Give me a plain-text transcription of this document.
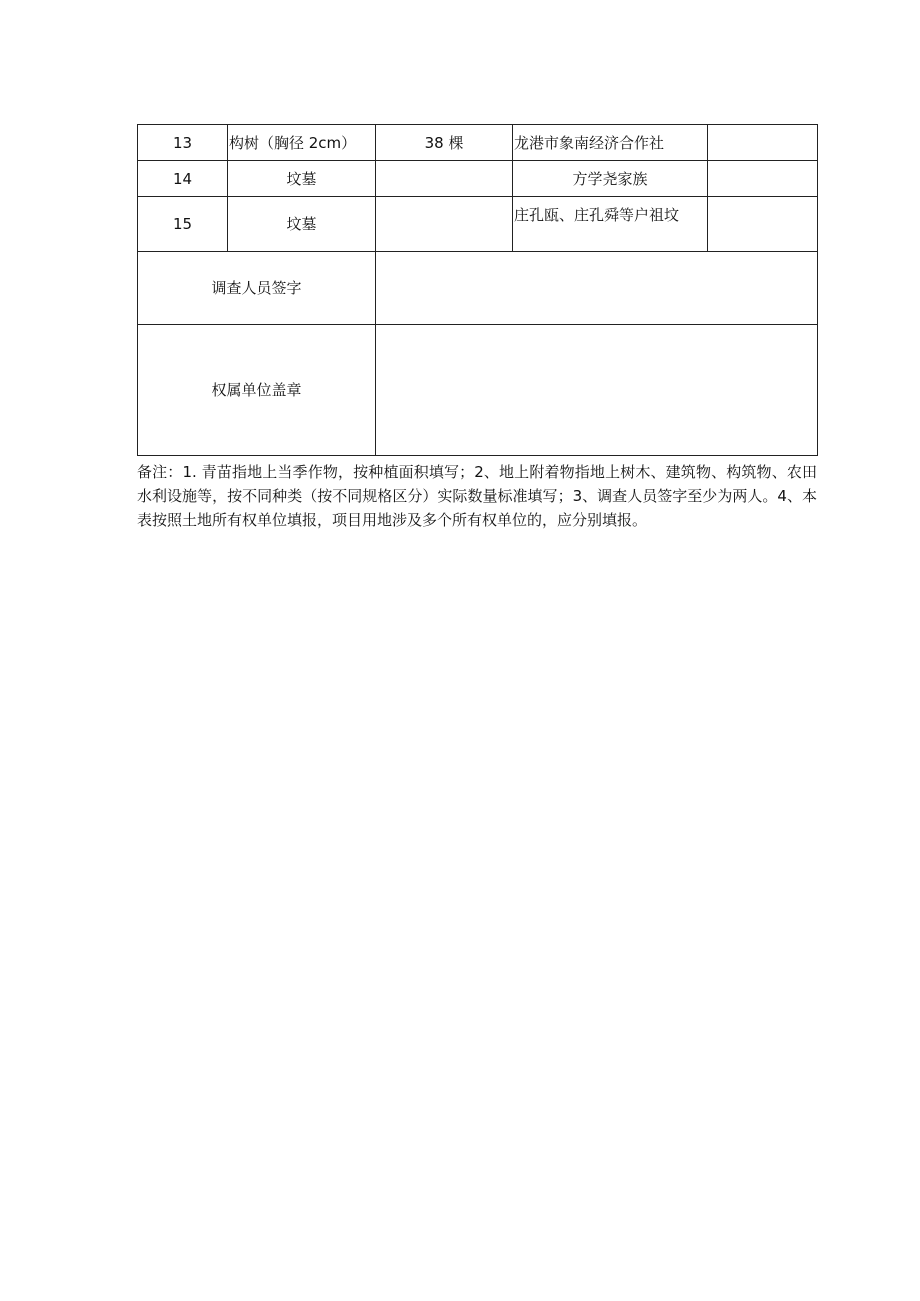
13	构树（胸径 2cm）	38 棵	龙港市象南经济合作社	
14	坟墓		方学尧家族	
15	坟墓		庄孔瓯、庄孔舜等户祖坟	
调查人员签字				
权属单位盖章				
备注：1. 青苗指地上当季作物，按种植面积填写；2、地上附着物指地上树木、建筑物、构筑物、农田水利设施等，按不同种类（按不同规格区分）实际数量标准填写；3、调查人员签字至少为两人。4、本表按照土地所有权单位填报，项目用地涉及多个所有权单位的，应分别填报。
